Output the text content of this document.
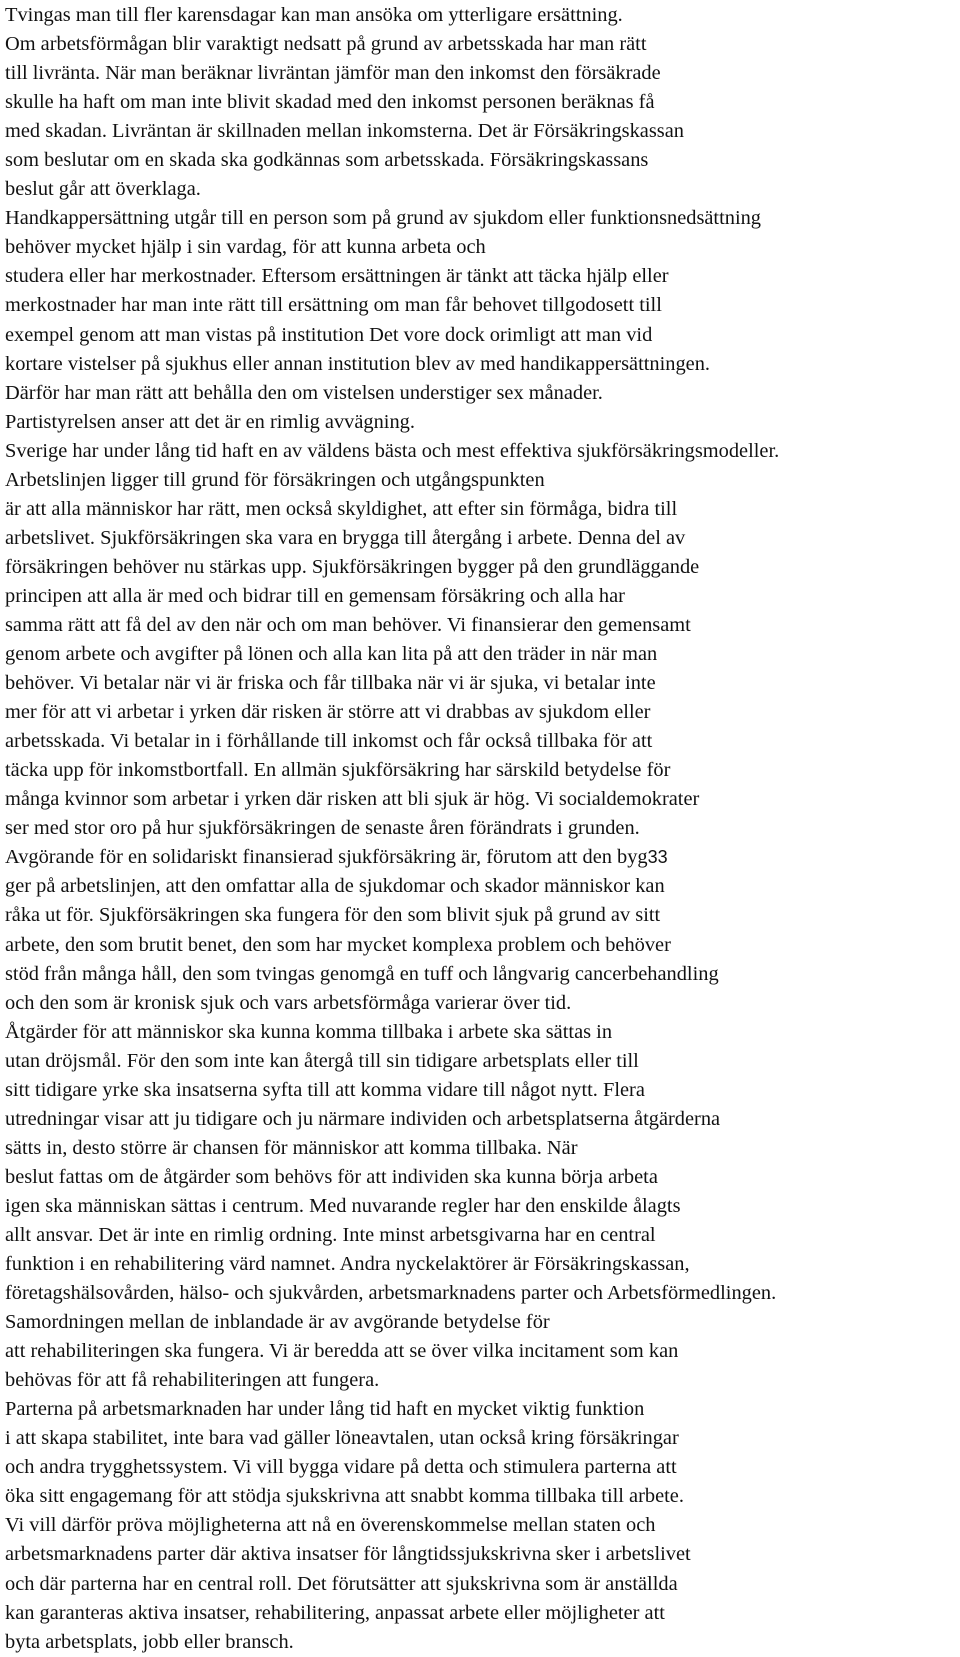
Tvingas man till fler karensdagar kan man ansöka om ytterligare ersättning.
Om arbetsförmågan blir varaktigt nedsatt på grund av arbetsskada har man rätt
till livränta. När man beräknar livräntan jämför man den inkomst den försäkrade
skulle ha haft om man inte blivit skadad med den inkomst personen beräknas få
med skadan. Livräntan är skillnaden mellan inkomsterna. Det är Försäkringskassan
som beslutar om en skada ska godkännas som arbetsskada. Försäkringskassans
beslut går att överklaga.
Handkappersättning utgår till en person som på grund av sjukdom eller funktionsnedsättning
behöver mycket hjälp i sin vardag, för att kunna arbeta och
studera eller har merkostnader. Eftersom ersättningen är tänkt att täcka hjälp eller
merkostnader har man inte rätt till ersättning om man får behovet tillgodosett till
exempel genom att man vistas på institution Det vore dock orimligt att man vid
kortare vistelser på sjukhus eller annan institution blev av med handikappersättningen.
Därför har man rätt att behålla den om vistelsen understiger sex månader.
Partistyrelsen anser att det är en rimlig avvägning.
Sverige har under lång tid haft en av väldens bästa och mest effektiva sjukförsäkringsmodeller.
Arbetslinjen ligger till grund för försäkringen och utgångspunkten
är att alla människor har rätt, men också skyldighet, att efter sin förmåga, bidra till
arbetslivet. Sjukförsäkringen ska vara en brygga till återgång i arbete. Denna del av
försäkringen behöver nu stärkas upp. Sjukförsäkringen bygger på den grundläggande
principen att alla är med och bidrar till en gemensam försäkring och alla har
samma rätt att få del av den när och om man behöver. Vi finansierar den gemensamt
genom arbete och avgifter på lönen och alla kan lita på att den träder in när man
behöver. Vi betalar när vi är friska och får tillbaka när vi är sjuka, vi betalar inte
mer för att vi arbetar i yrken där risken är större att vi drabbas av sjukdom eller
arbetsskada. Vi betalar in i förhållande till inkomst och får också tillbaka för att
täcka upp för inkomstbortfall. En allmän sjukförsäkring har särskild betydelse för
många kvinnor som arbetar i yrken där risken att bli sjuk är hög. Vi socialdemokrater
ser med stor oro på hur sjukförsäkringen de senaste åren förändrats i grunden.
Avgörande för en solidariskt finansierad sjukförsäkring är, förutom att den byg33
ger på arbetslinjen, att den omfattar alla de sjukdomar och skador människor kan
råka ut för. Sjukförsäkringen ska fungera för den som blivit sjuk på grund av sitt
arbete, den som brutit benet, den som har mycket komplexa problem och behöver
stöd från många håll, den som tvingas genomgå en tuff och långvarig cancerbehandling
och den som är kronisk sjuk och vars arbetsförmåga varierar över tid.
Åtgärder för att människor ska kunna komma tillbaka i arbete ska sättas in
utan dröjsmål. För den som inte kan återgå till sin tidigare arbetsplats eller till
sitt tidigare yrke ska insatserna syfta till att komma vidare till något nytt. Flera
utredningar visar att ju tidigare och ju närmare individen och arbetsplatserna åtgärderna
sätts in, desto större är chansen för människor att komma tillbaka. När
beslut fattas om de åtgärder som behövs för att individen ska kunna börja arbeta
igen ska människan sättas i centrum. Med nuvarande regler har den enskilde ålagts
allt ansvar. Det är inte en rimlig ordning. Inte minst arbetsgivarna har en central
funktion i en rehabilitering värd namnet. Andra nyckelaktörer är Försäkringskassan,
företagshälsovården, hälso- och sjukvården, arbetsmarknadens parter och Arbetsförmedlingen.
Samordningen mellan de inblandade är av avgörande betydelse för
att rehabiliteringen ska fungera. Vi är beredda att se över vilka incitament som kan
behövas för att få rehabiliteringen att fungera.
Parterna på arbetsmarknaden har under lång tid haft en mycket viktig funktion
i att skapa stabilitet, inte bara vad gäller löneavtalen, utan också kring försäkringar
och andra trygghetssystem. Vi vill bygga vidare på detta och stimulera parterna att
öka sitt engagemang för att stödja sjukskrivna att snabbt komma tillbaka till arbete.
Vi vill därför pröva möjligheterna att nå en överenskommelse mellan staten och
arbetsmarknadens parter där aktiva insatser för långtidssjukskrivna sker i arbetslivet
och där parterna har en central roll. Det förutsätter att sjukskrivna som är anställda
kan garanteras aktiva insatser, rehabilitering, anpassat arbete eller möjligheter att
byta arbetsplats, jobb eller bransch.
